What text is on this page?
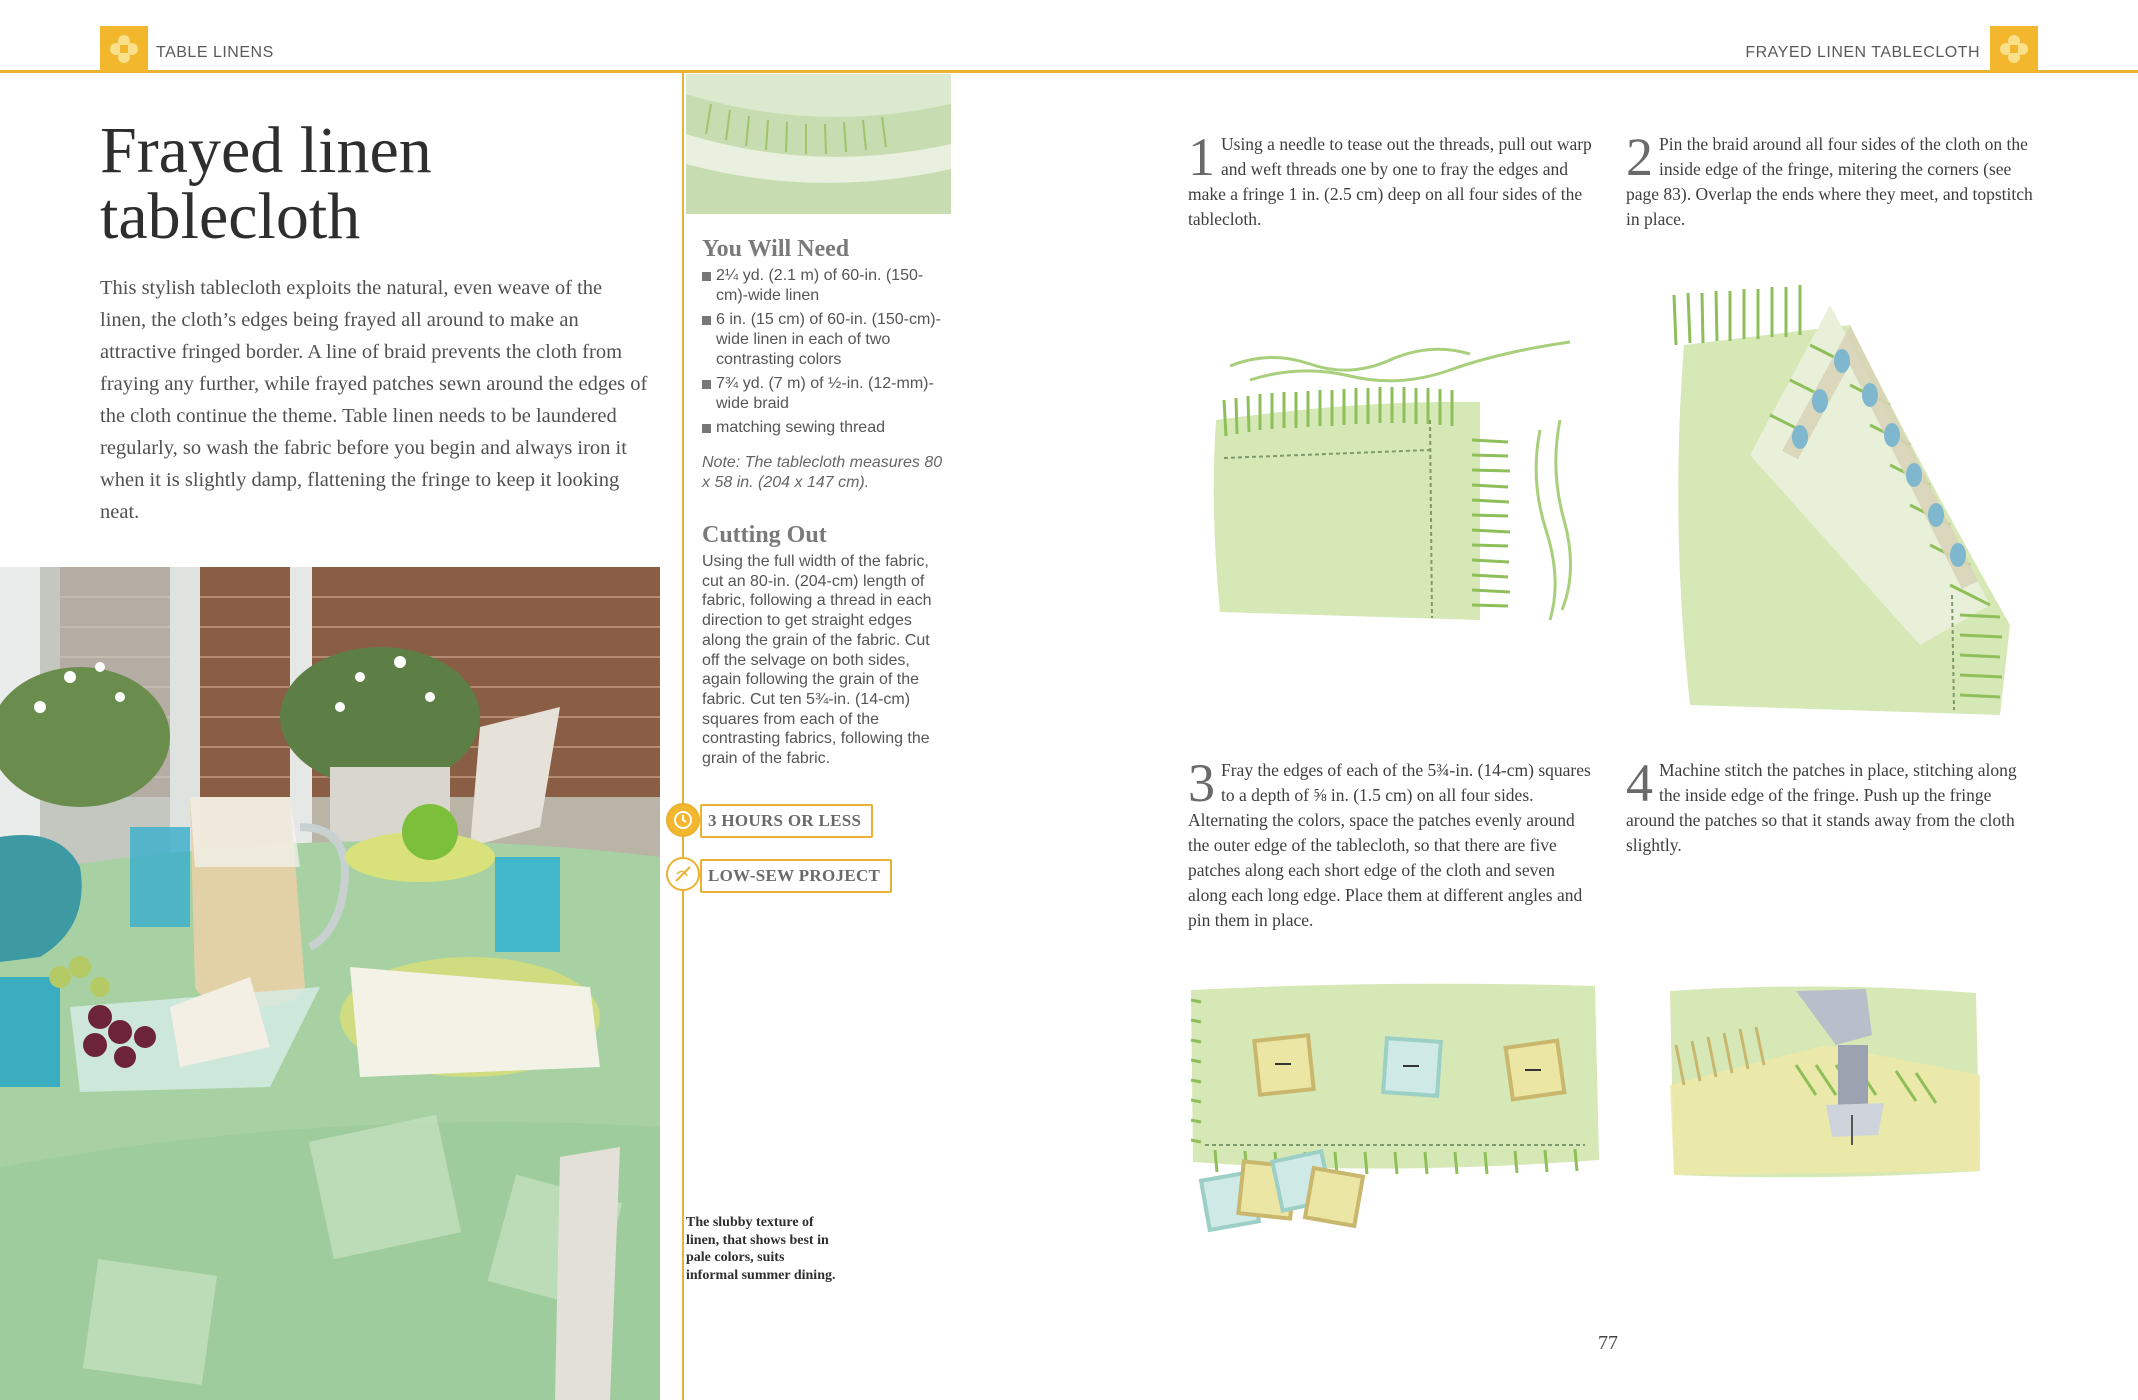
TABLE LINENS	FRAYED LINEN TABLECLOTH
Frayed linen
tablecloth

This stylish tablecloth exploits the natural, even weave of the linen, the cloth’s edges being frayed all around to make an attractive fringed border. A line of braid prevents the cloth from fraying any further, while frayed patches sewn around the edges of the cloth continue the theme. Table linen needs to be laundered regularly, so wash the fabric before you begin and always iron it when it is slightly damp, flattening the fringe to keep it looking neat.

You Will Need
2¼ yd. (2.1 m) of 60-in. (150-cm)-wide linen
6 in. (15 cm) of 60-in. (150-cm)-wide linen in each of two contrasting colors
7¾ yd. (7 m) of ½-in. (12-mm)-wide braid
matching sewing thread

Note: The tablecloth measures 80 x 58 in. (204 x 147 cm).

Cutting Out

Using the full width of the fabric, cut an 80-in. (204-cm) length of fabric, following a thread in each direction to get straight edges along the grain of the fabric. Cut off the selvage on both sides, again following the grain of the fabric. Cut ten 5¾-in. (14-cm) squares from each of the contrasting fabrics, following the grain of the fabric.

3 HOURS OR LESS
LOW-SEW PROJECT

The slubby texture of linen, that shows best in pale colors, suits informal summer dining.

1 Using a needle to tease out the threads, pull out warp and weft threads one by one to fray the edges and make a fringe 1 in. (2.5 cm) deep on all four sides of the tablecloth.
2 Pin the braid around all four sides of the cloth on the inside edge of the fringe, mitering the corners (see page 83). Overlap the ends where they meet, and topstitch in place.
3 Fray the edges of each of the 5¾-in. (14-cm) squares to a depth of ⅝ in. (1.5 cm) on all four sides. Alternating the colors, space the patches evenly around the outer edge of the tablecloth, so that there are five patches along each short edge of the cloth and seven along each long edge. Place them at different angles and pin them in place.
4 Machine stitch the patches in place, stitching along the inside edge of the fringe. Push up the fringe around the patches so that it stands away from the cloth slightly.
77
